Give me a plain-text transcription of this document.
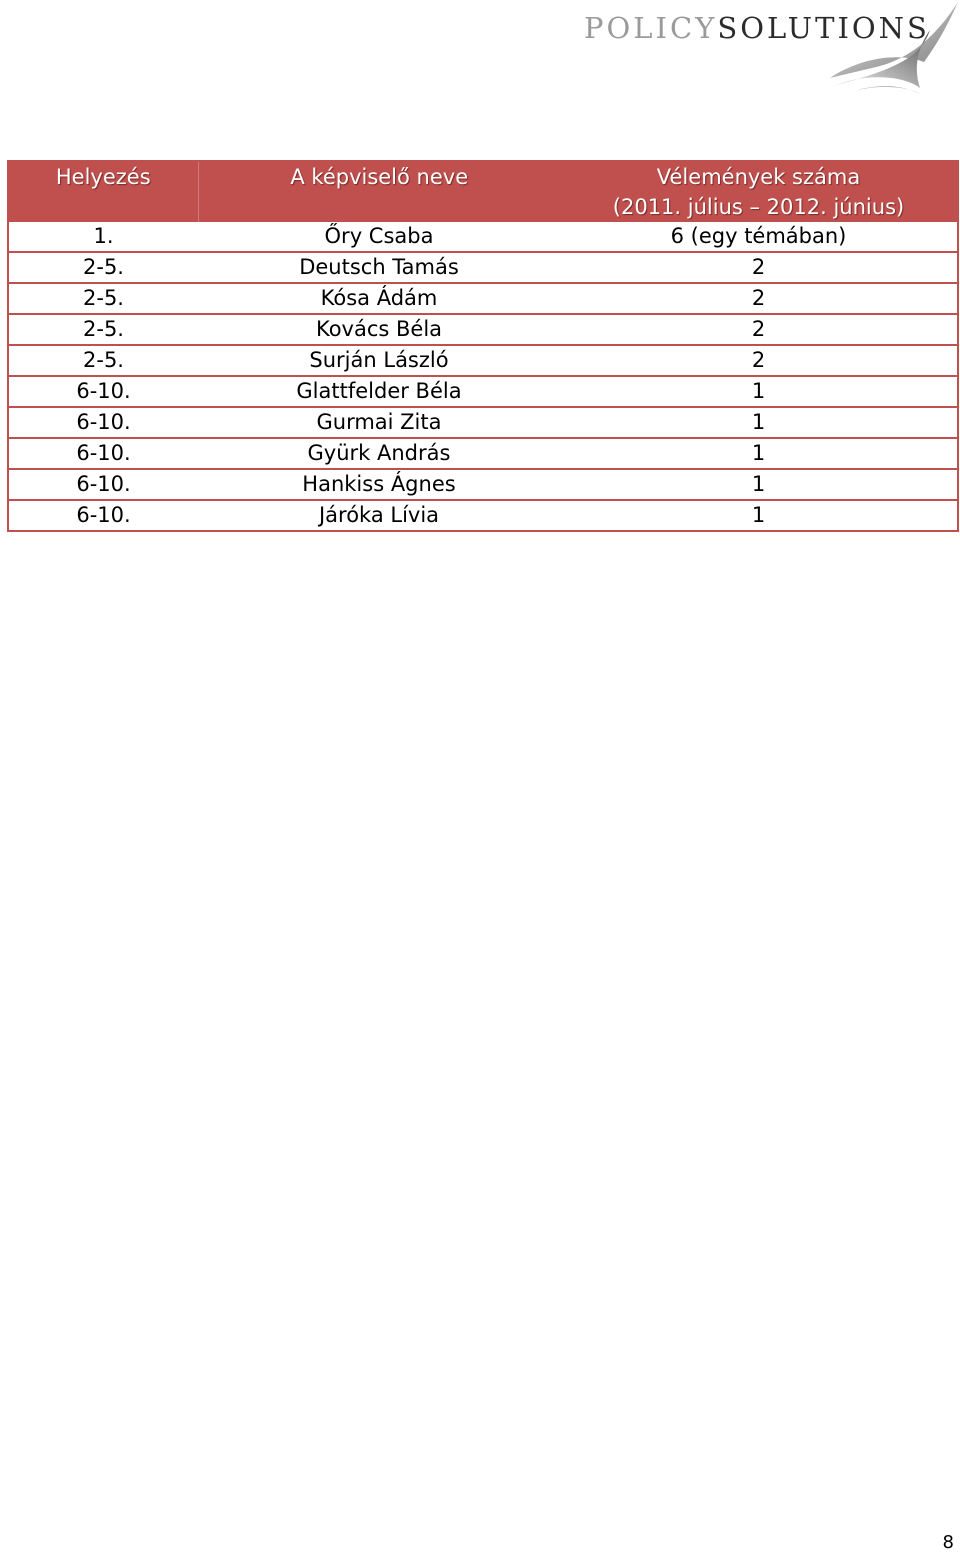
POLICYSOLUTIONS
Helyezés	A képviselő neve	Vélemények száma
(2011. július – 2012. június)

1.	Őry Csaba	6 (egy témában)
2-5.	Deutsch Tamás	2
2-5.	Kósa Ádám	2
2-5.	Kovács Béla	2
2-5.	Surján László	2
6-10.	Glattfelder Béla	1
6-10.	Gurmai Zita	1
6-10.	Gyürk András	1
6-10.	Hankiss Ágnes	1
6-10.	Járóka Lívia	1
8
